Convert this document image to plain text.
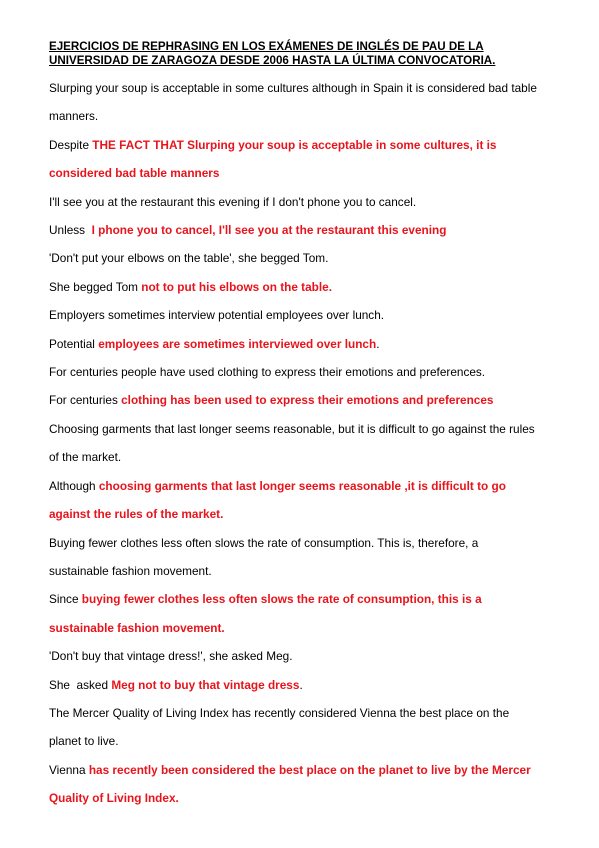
EJERCICIOS DE REPHRASING EN LOS EXÁMENES DE INGLÉS DE PAU DE LA
UNIVERSIDAD DE ZARAGOZA DESDE 2006 HASTA LA ÚLTIMA CONVOCATORIA.
Slurping your soup is acceptable in some cultures although in Spain it is considered bad table
manners.
Despite THE FACT THAT Slurping your soup is acceptable in some cultures, it is
considered bad table manners
I'll see you at the restaurant this evening if I don't phone you to cancel.
Unless  I phone you to cancel, I'll see you at the restaurant this evening
'Don't put your elbows on the table', she begged Tom.
She begged Tom not to put his elbows on the table.
Employers sometimes interview potential employees over lunch.
Potential employees are sometimes interviewed over lunch.
For centuries people have used clothing to express their emotions and preferences.
For centuries clothing has been used to express their emotions and preferences
Choosing garments that last longer seems reasonable, but it is difficult to go against the rules
of the market.
Although choosing garments that last longer seems reasonable ,it is difficult to go
against the rules of the market.
Buying fewer clothes less often slows the rate of consumption. This is, therefore, a
sustainable fashion movement.
Since buying fewer clothes less often slows the rate of consumption, this is a
sustainable fashion movement.
'Don't buy that vintage dress!', she asked Meg.
She  asked Meg not to buy that vintage dress.
The Mercer Quality of Living Index has recently considered Vienna the best place on the
planet to live.
Vienna has recently been considered the best place on the planet to live by the Mercer
Quality of Living Index.
